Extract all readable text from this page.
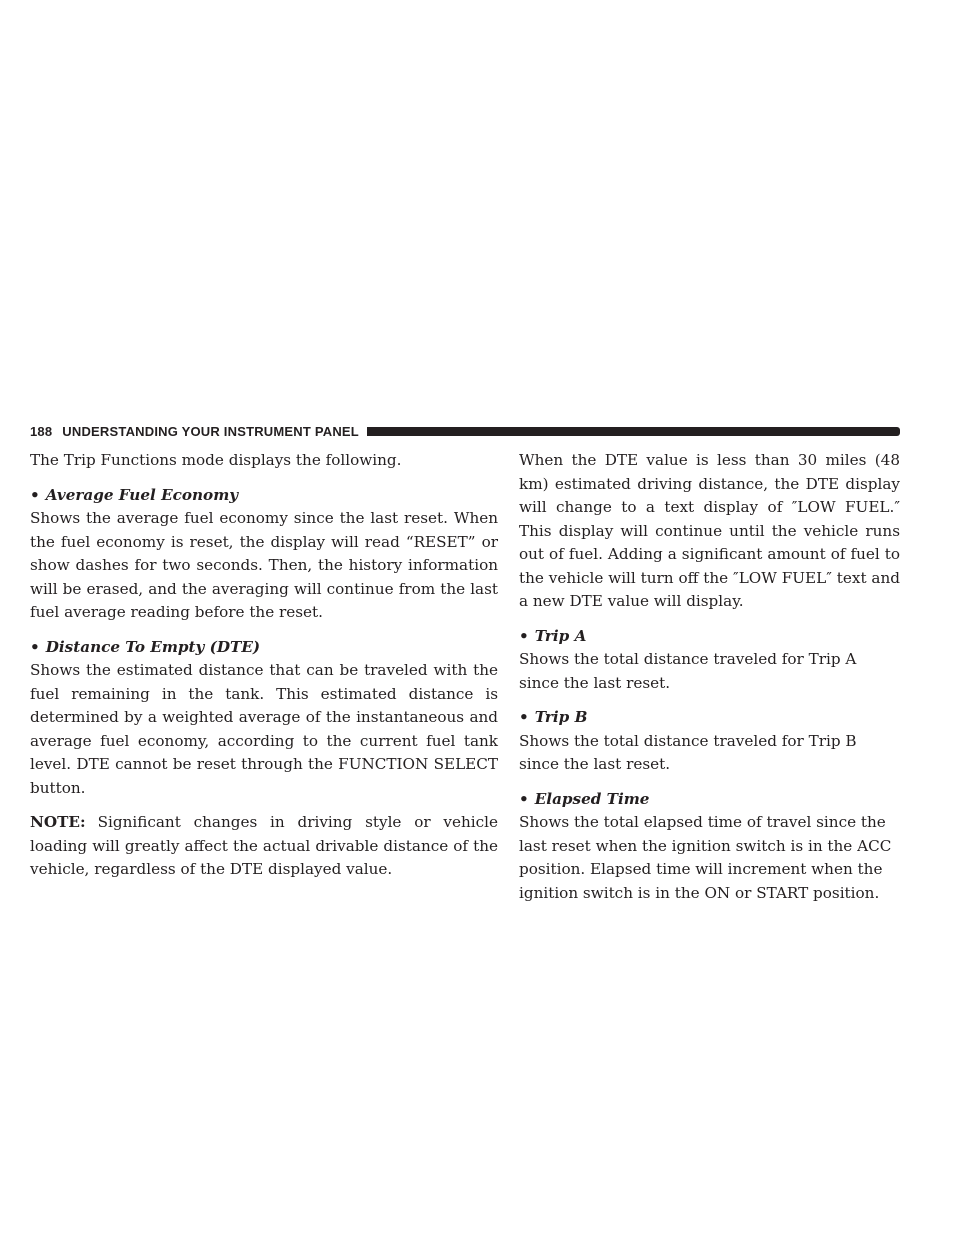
188 UNDERSTANDING YOUR INSTRUMENT PANEL

The Trip Functions mode displays the following.

• Average Fuel Economy

Shows the average fuel economy since the last reset. When the fuel economy is reset, the display will read “RESET” or show dashes for two seconds. Then, the history information will be erased, and the averaging will continue from the last fuel average reading before the reset.

• Distance To Empty (DTE)

Shows the estimated distance that can be traveled with the fuel remaining in the tank. This estimated distance is determined by a weighted average of the instantaneous and average fuel economy, according to the current fuel tank level. DTE cannot be reset through the FUNCTION SELECT button.

NOTE: Significant changes in driving style or vehicle loading will greatly affect the actual drivable distance of the vehicle, regardless of the DTE displayed value.

When the DTE value is less than 30 miles (48 km) estimated driving distance, the DTE display will change to a text display of ″LOW FUEL.″ This display will continue until the vehicle runs out of fuel. Adding a significant amount of fuel to the vehicle will turn off the ″LOW FUEL″ text and a new DTE value will display.

• Trip A

Shows the total distance traveled for Trip A since the last reset.

• Trip B

Shows the total distance traveled for Trip B since the last reset.

• Elapsed Time

Shows the total elapsed time of travel since the last reset when the ignition switch is in the ACC position. Elapsed time will increment when the ignition switch is in the ON or START position.
